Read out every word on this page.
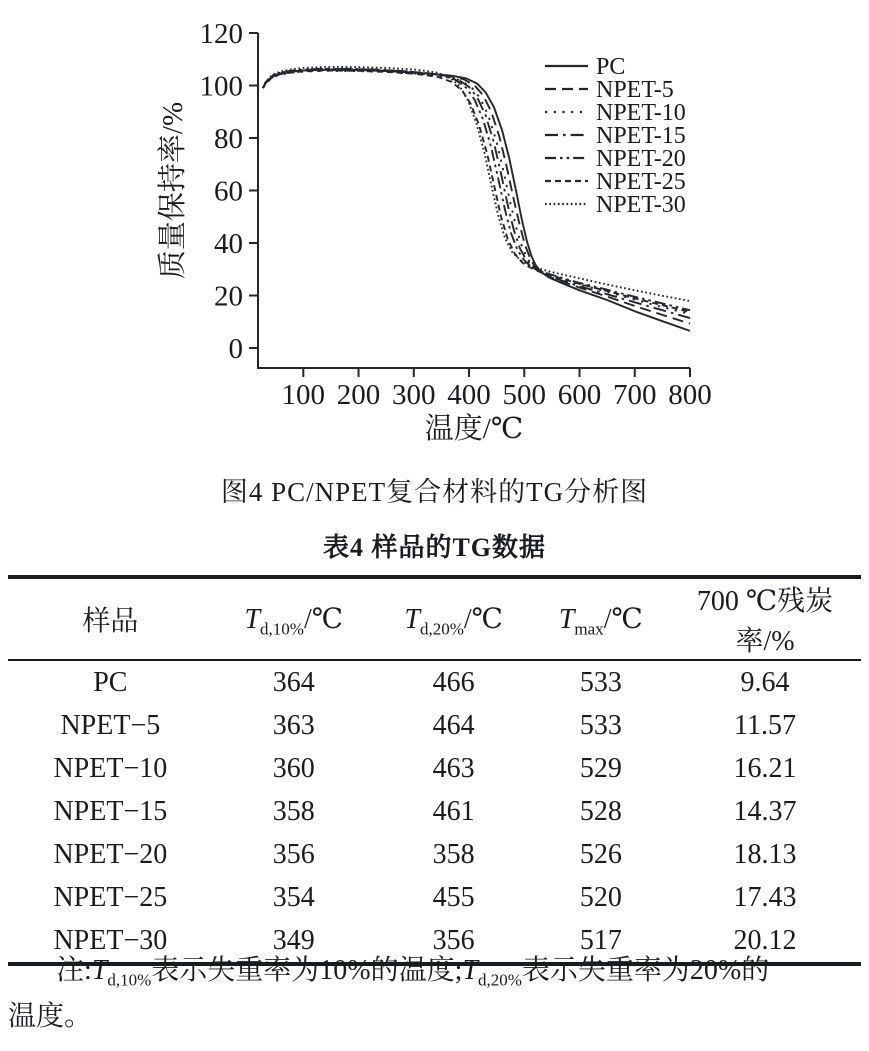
0
20
40
60
80
100
120
100 200 300 400 500 600 700 800
质量保持率/%
温度/℃
PC
NPET-5
NPET-10
NPET-15
NPET-20
NPET-25
NPET-30
图4 PC/NPET复合材料的TG分析图
表4 样品的TG数据
样品	$T_{d,10\%}/℃$	$T_{d,20\%}/℃$	$T_{max}/℃$	700 ℃残炭率/%
PC	364	466	533	9.64
NPET−5	363	464	533	11.57
NPET−10	360	463	529	16.21
NPET−15	358	461	528	14.37
NPET−20	356	358	526	18.13
NPET−25	354	455	520	17.43
NPET−30	349	356	517	20.12
注$:T_{d,10\%}$表示失重率为10%的温度$;T_{d,20\%}$表示失重率为20%的
温度。
